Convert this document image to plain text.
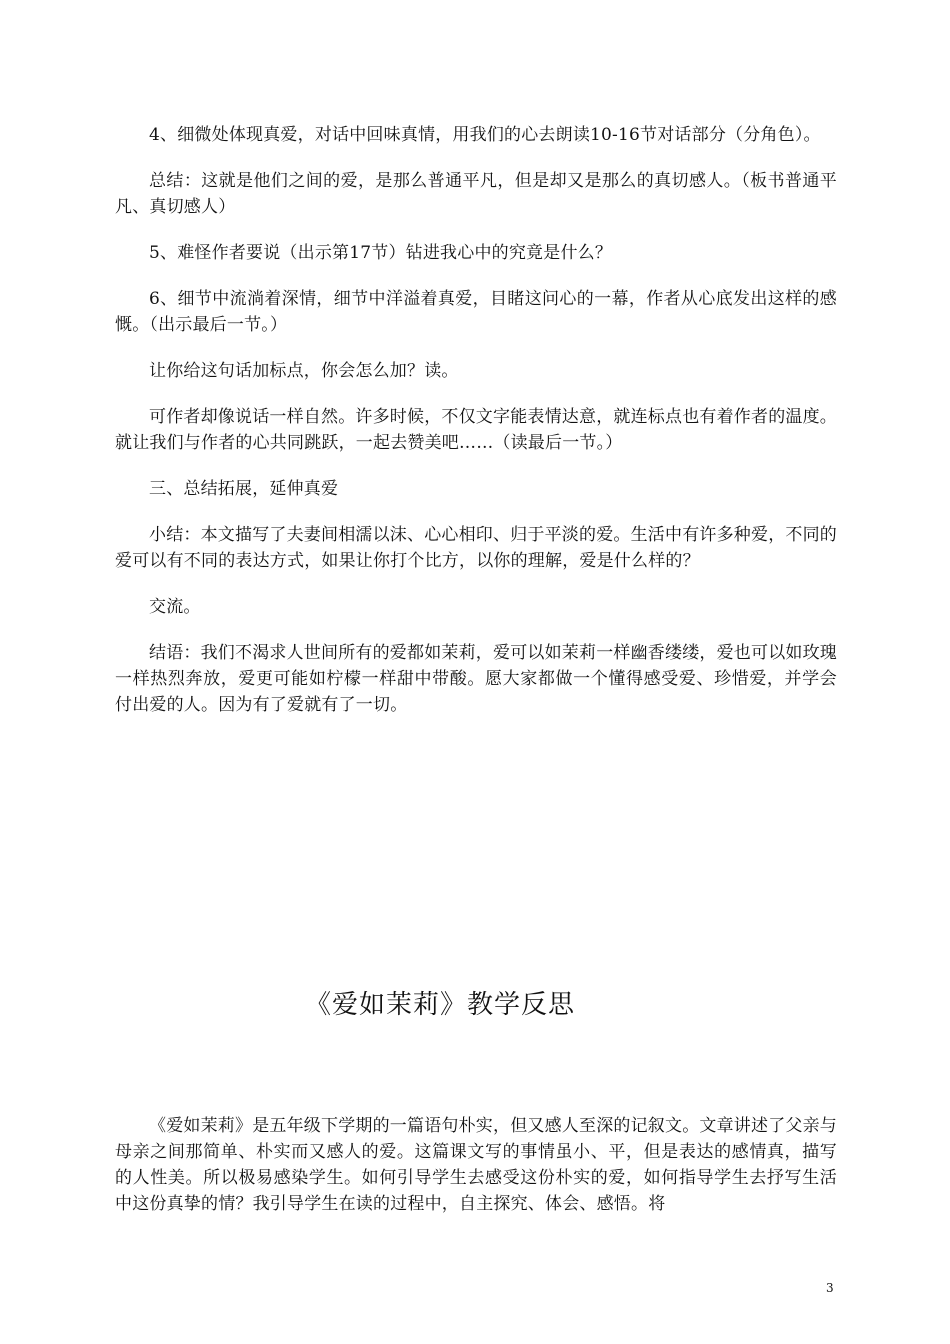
4、细微处体现真爱，对话中回味真情，用我们的心去朗读10-16节对话部分（分角色）。

总结：这就是他们之间的爱，是那么普通平凡，但是却又是那么的真切感人。（板书普通平凡、真切感人）

5、难怪作者要说（出示第17节）钻进我心中的究竟是什么？

6、细节中流淌着深情，细节中洋溢着真爱，目睹这问心的一幕，作者从心底发出这样的感慨。（出示最后一节。）

让你给这句话加标点，你会怎么加？读。

可作者却像说话一样自然。许多时候，不仅文字能表情达意，就连标点也有着作者的温度。就让我们与作者的心共同跳跃，一起去赞美吧……（读最后一节。）

三、总结拓展，延伸真爱

小结：本文描写了夫妻间相濡以沫、心心相印、归于平淡的爱。生活中有许多种爱，不同的爱可以有不同的表达方式，如果让你打个比方，以你的理解，爱是什么样的？

交流。

结语：我们不渴求人世间所有的爱都如茉莉，爱可以如茉莉一样幽香缕缕，爱也可以如玫瑰一样热烈奔放，爱更可能如柠檬一样甜中带酸。愿大家都做一个懂得感受爱、珍惜爱，并学会付出爱的人。因为有了爱就有了一切。

《爱如茉莉》教学反思

《爱如茉莉》是五年级下学期的一篇语句朴实，但又感人至深的记叙文。文章讲述了父亲与母亲之间那简单、朴实而又感人的爱。这篇课文写的事情虽小、平，但是表达的感情真，描写的人性美。所以极易感染学生。如何引导学生去感受这份朴实的爱，如何指导学生去抒写生活中这份真挚的情？我引导学生在读的过程中，自主探究、体会、感悟。将

3
